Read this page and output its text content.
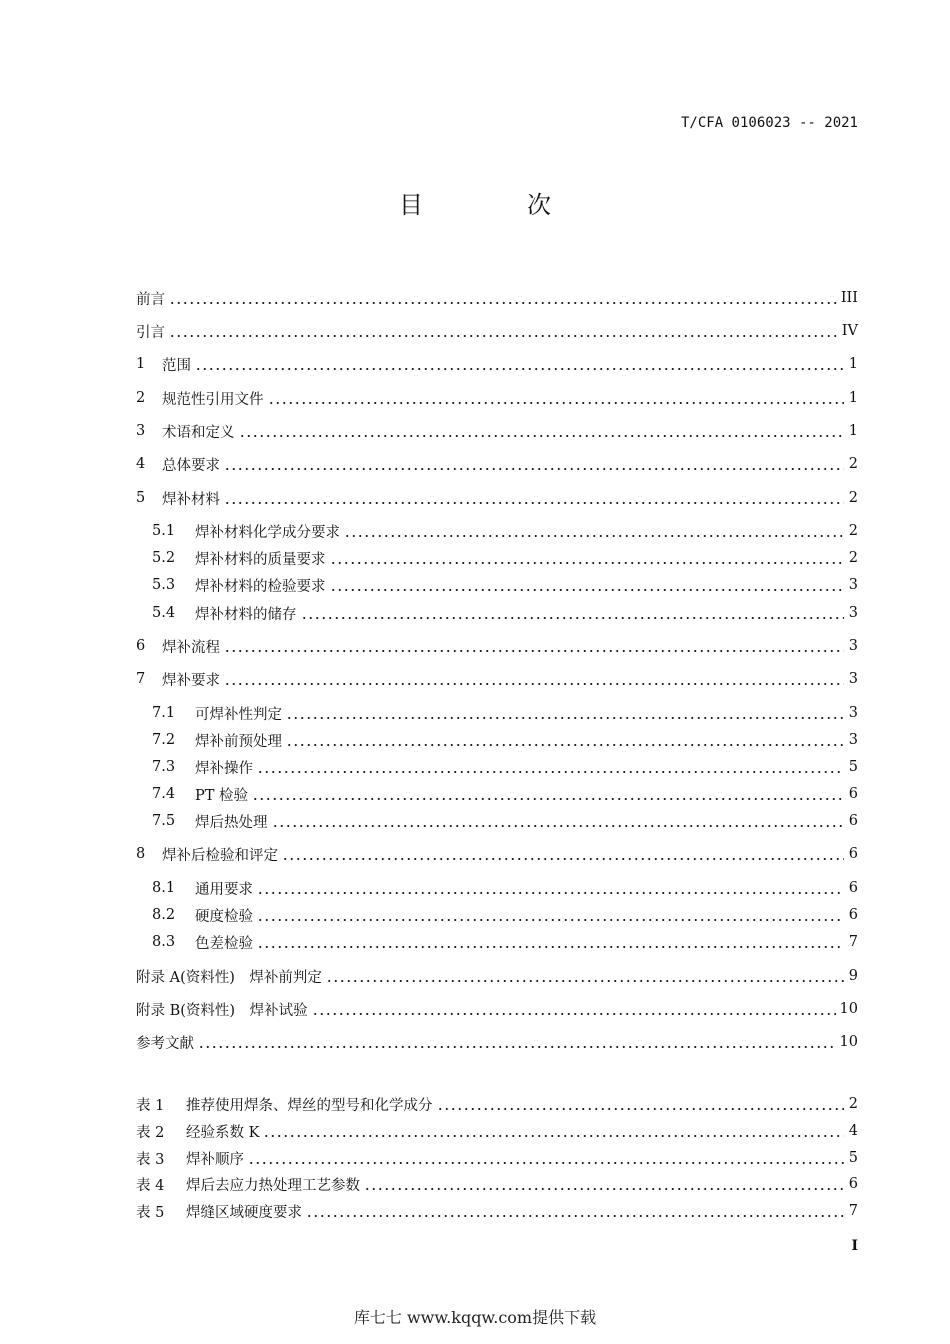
T/CFA 0106023 -- 2021
目	次
前言	III
引言	IV
1	范围	1
2	规范性引用文件	1
3	术语和定义	1
4	总体要求	2
5	焊补材料	2
5.1	焊补材料化学成分要求	2
5.2	焊补材料的质量要求	2
5.3	焊补材料的检验要求	3
5.4	焊补材料的储存	3
6	焊补流程	3
7	焊补要求	3
7.1	可焊补性判定	3
7.2	焊补前预处理	3
7.3	焊补操作	5
7.4	PT 检验	6
7.5	焊后热处理	6
8	焊补后检验和评定	6
8.1	通用要求	6
8.2	硬度检验	6
8.3	色差检验	7
附录 A(资料性)　焊补前判定	9
附录 B(资料性)　焊补试验	10
参考文献	10
表 1	推荐使用焊条、焊丝的型号和化学成分	2
表 2	经验系数 K	4
表 3	焊补顺序	5
表 4	焊后去应力热处理工艺参数	6
表 5	焊缝区域硬度要求	7
I
库七七 www.kqqw.com提供下载
